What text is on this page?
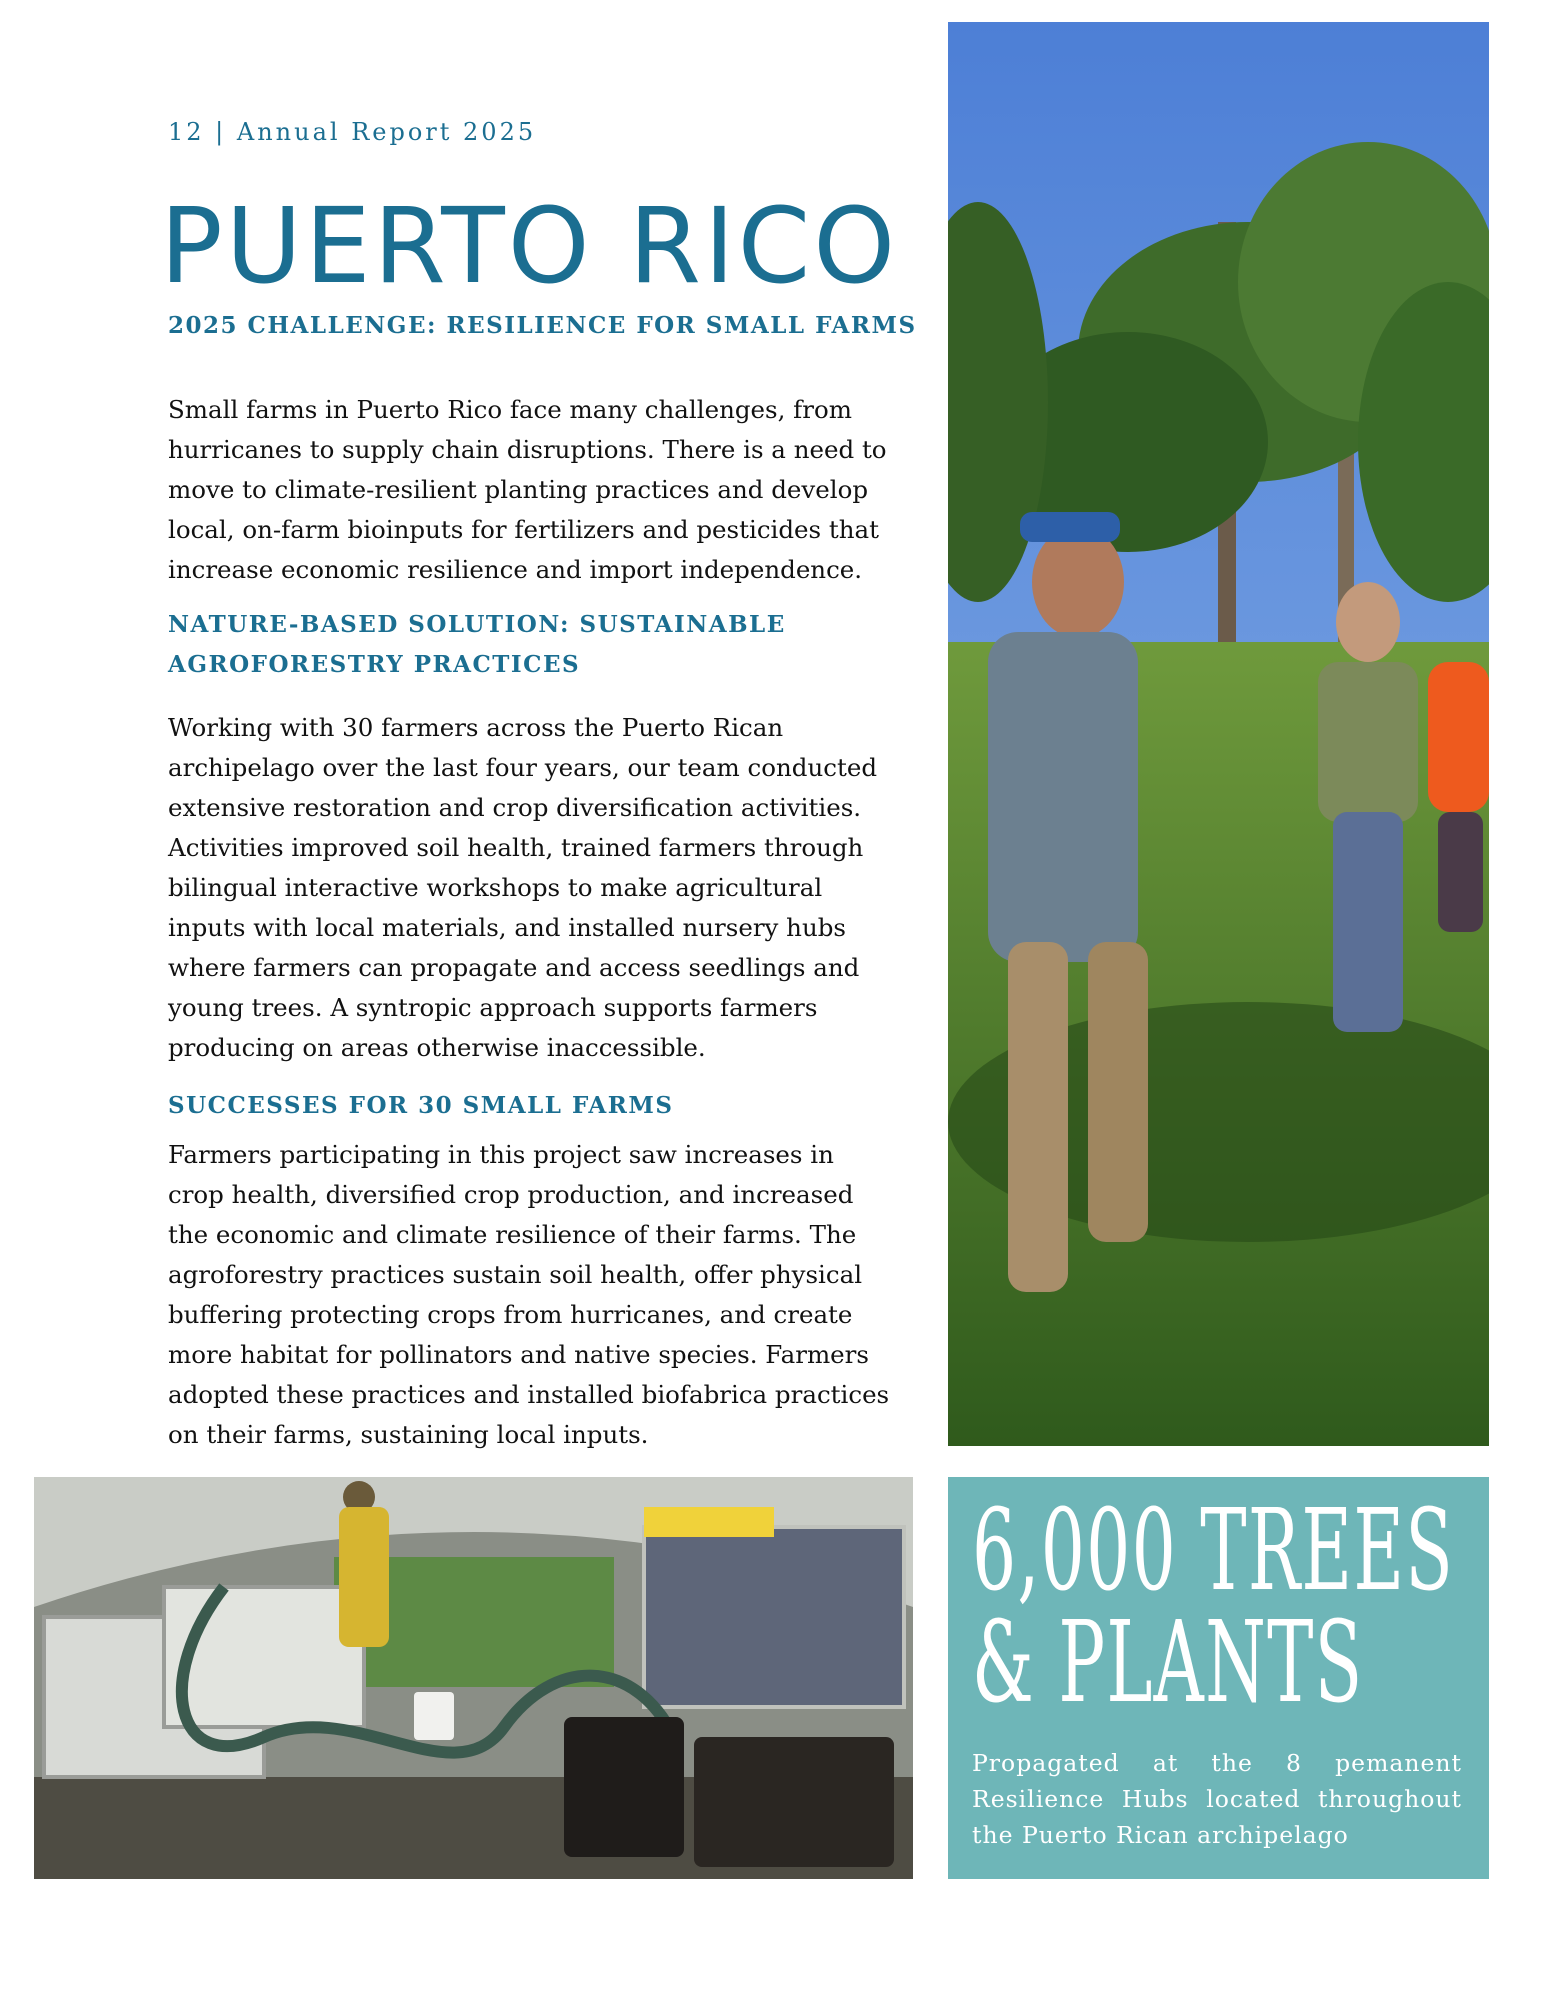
12 | Annual Report 2025
PUERTO RICO
2025 CHALLENGE: RESILIENCE FOR SMALL FARMS

Small farms in Puerto Rico face many challenges, from

hurricanes to supply chain disruptions. There is a need to

move to climate-resilient planting practices and develop

local, on-farm bioinputs for fertilizers and pesticides that

increase economic resilience and import independence.

NATURE-BASED SOLUTION: SUSTAINABLE
AGROFORESTRY PRACTICES

Working with 30 farmers across the Puerto Rican

archipelago over the last four years, our team conducted

extensive restoration and crop diversification activities.

Activities improved soil health, trained farmers through

bilingual interactive workshops to make agricultural

inputs with local materials, and installed nursery hubs

where farmers can propagate and access seedlings and

young trees. A syntropic approach supports farmers

producing on areas otherwise inaccessible.

SUCCESSES FOR 30 SMALL FARMS

Farmers participating in this project saw increases in

crop health, diversified crop production, and increased

the economic and climate resilience of their farms. The

agroforestry practices sustain soil health, offer physical

buffering protecting crops from hurricanes, and create

more habitat for pollinators and native species. Farmers

adopted these practices and installed biofabrica practices

on their farms, sustaining local inputs.

6,000 TREES
& PLANTS
Propagated at the 8 pemanent Resilience Hubs located throughout the Puerto Rican archipelago
